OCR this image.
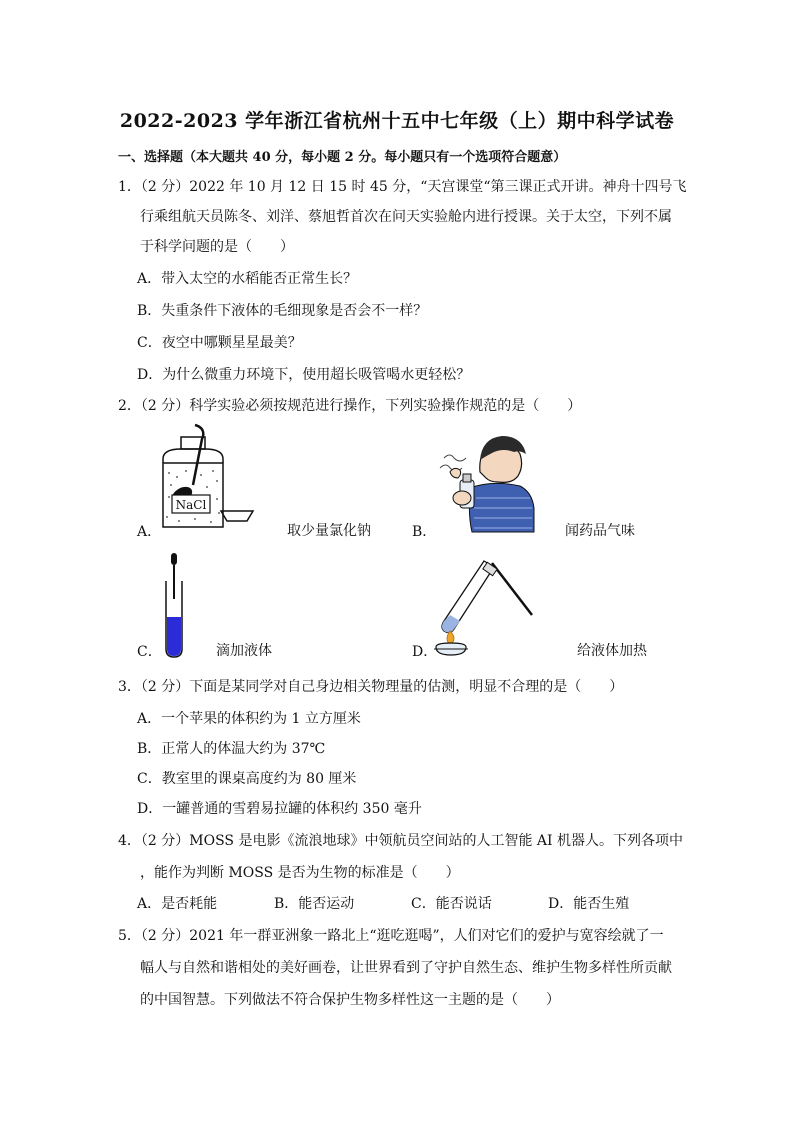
2022-2023 学年浙江省杭州十五中七年级（上）期中科学试卷
一、选择题（本大题共 40 分，每小题 2 分。每小题只有一个选项符合题意）
1．（2 分）2022 年 10 月 12 日 15 时 45 分，“天宫课堂“第三课正式开讲。神舟十四号飞
行乘组航天员陈冬、刘洋、蔡旭哲首次在问天实验舱内进行授课。关于太空，下列不属
于科学问题的是（　　）
A．带入太空的水稻能否正常生长？
B．失重条件下液体的毛细现象是否会不一样？
C．夜空中哪颗星星最美？
D．为什么微重力环境下，使用超长吸管喝水更轻松？
2．（2 分）科学实验必须按规范进行操作，下列实验操作规范的是（　　）
NaCl
A．	取少量氯化钠	B．	闻药品气味
C．	滴加液体	D．	给液体加热
3．（2 分）下面是某同学对自己身边相关物理量的估测，明显不合理的是（　　）
A．一个苹果的体积约为 1 立方厘米
B．正常人的体温大约为 37℃
C．教室里的课桌高度约为 80 厘米
D．一罐普通的雪碧易拉罐的体积约 350 毫升
4．（2 分）MOSS 是电影《流浪地球》中领航员空间站的人工智能 AI 机器人。下列各项中
，能作为判断 MOSS 是否为生物的标准是（　　）
A．是否耗能	B．能否运动	C．能否说话	D．能否生殖
5．（2 分）2021 年一群亚洲象一路北上“逛吃逛喝”，人们对它们的爱护与宽容绘就了一
幅人与自然和谐相处的美好画卷，让世界看到了守护自然生态、维护生物多样性所贡献
的中国智慧。下列做法不符合保护生物多样性这一主题的是（　　）
